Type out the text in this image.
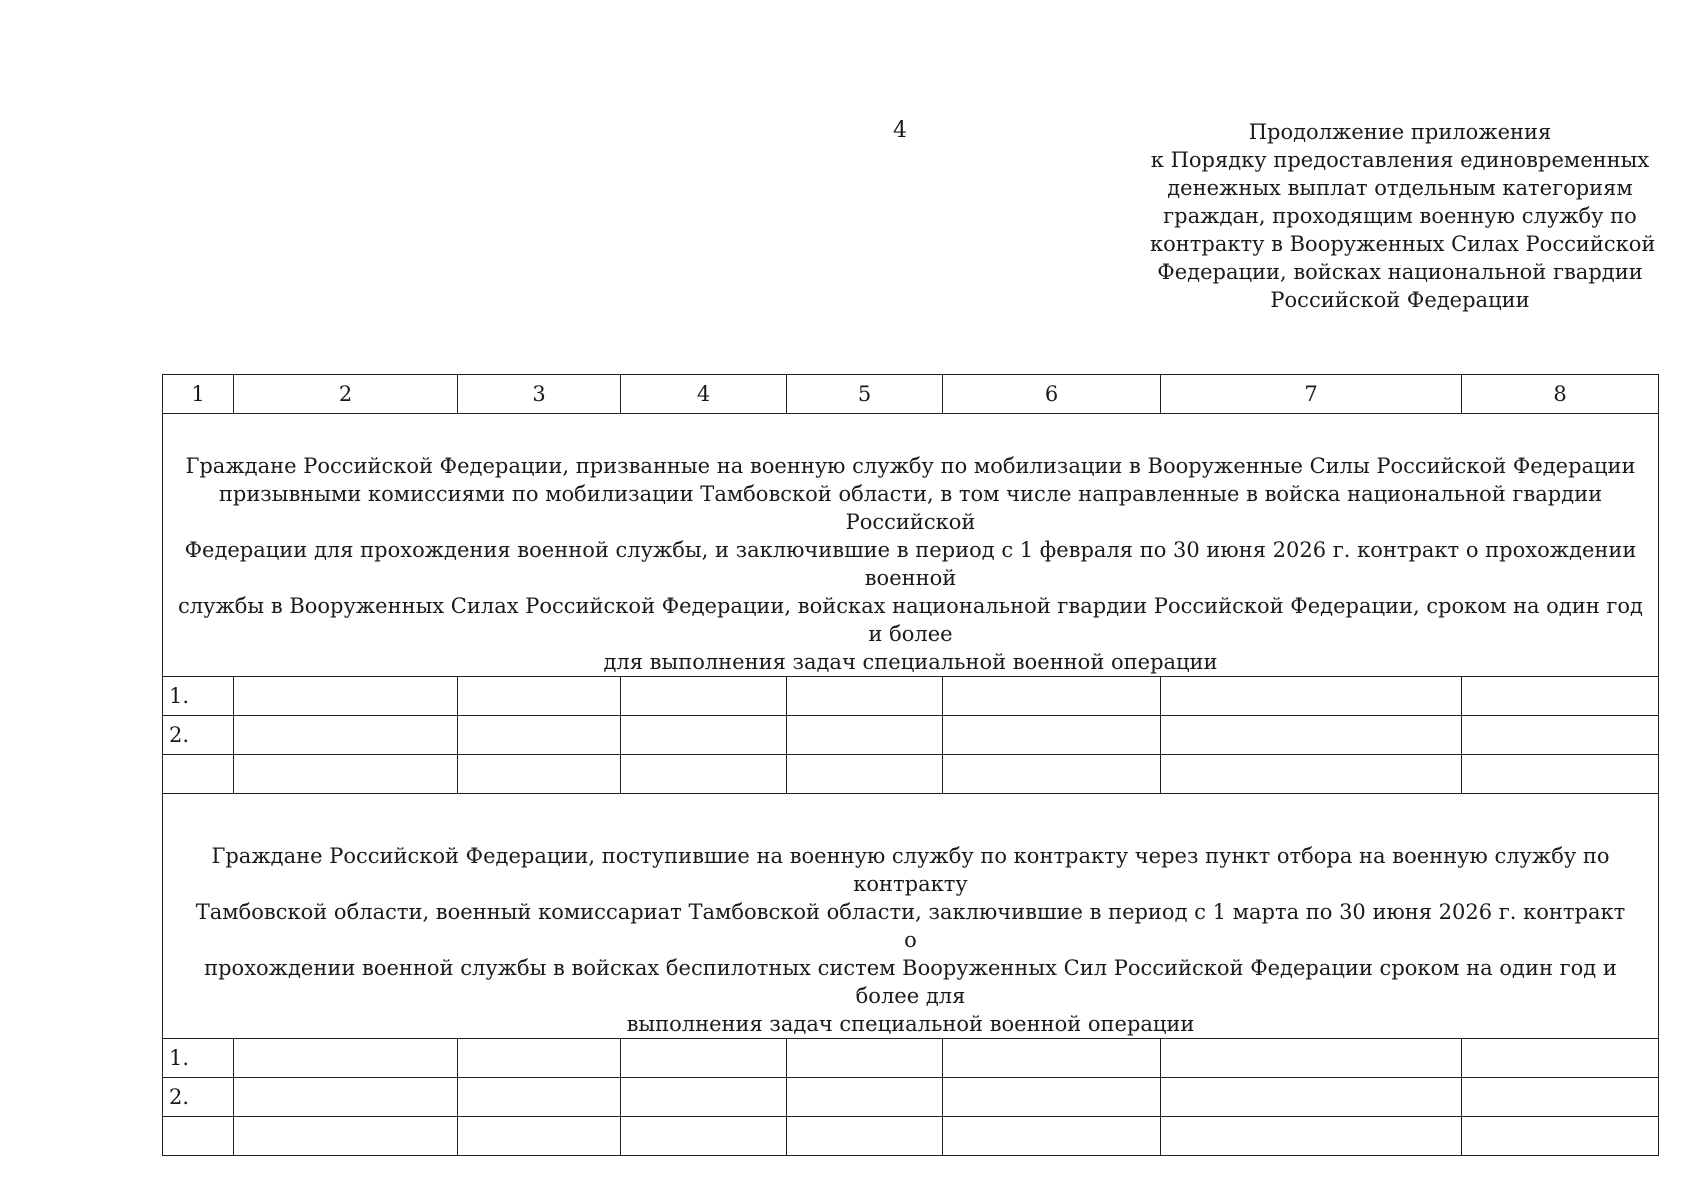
4	Продолжение приложения
к Порядку предоставления единовременных
денежных выплат отдельным категориям
граждан, проходящим военную службу по
контракту в Вооруженных Силах Российской
Федерации, войсках национальной гвардии
Российской Федерации
1	2	3	4	5	6	7	8

Граждане Российской Федерации, призванные на военную службу по мобилизации в Вооруженные Силы Российской Федерации
призывными комиссиями по мобилизации Тамбовской области, в том числе направленные в войска национальной гвардии Российской
Федерации для прохождения военной службы, и заключившие в период с 1 февраля по 30 июня 2026 г. контракт о прохождении военной
службы в Вооруженных Силах Российской Федерации, войсках национальной гвардии Российской Федерации, сроком на один год и более
для выполнения задач специальной военной операции							

1.							
2.							

Граждане Российской Федерации, поступившие на военную службу по контракту через пункт отбора на военную службу по контракту
Тамбовской области, военный комиссариат Тамбовской области, заключившие в период с 1 марта по 30 июня 2026 г. контракт о
прохождении военной службы в войсках беспилотных систем Вооруженных Сил Российской Федерации сроком на один год и более для
выполнения задач специальной военной операции							

1.							
2.							
